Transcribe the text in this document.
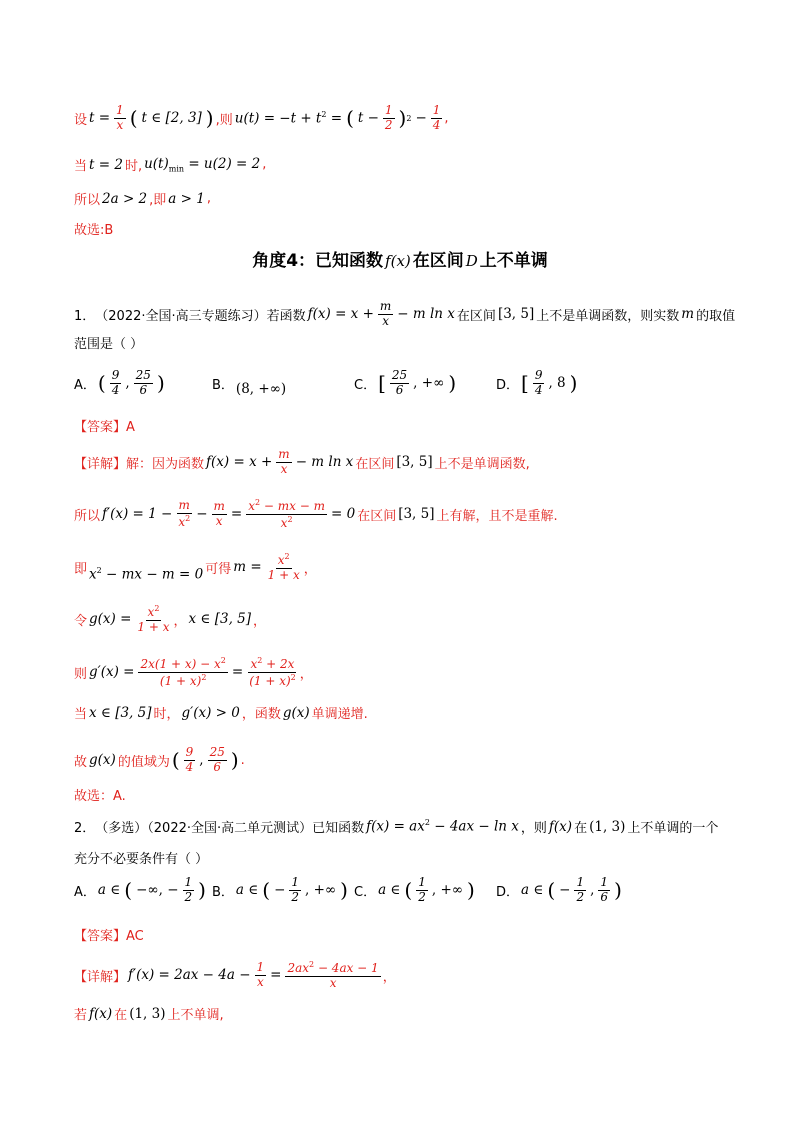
设 $t = \frac{1}{x}$ ( t ∈ [2, 3] ) ,则 $u(t) = -t + t^2$ = ( $t - \frac{1}{2}$ ) $2 - \frac{1}{4}$ ,
当 t = 2 时, $u(t)_{min} = u(2) = 2$ ,
所以 2a > 2 ,即 a > 1 ,
故选:B
角度4：已知函数 f(x) 在区间 D 上不单调
1． （2022·全国·高三专题练习）若函数 $f(x) = x + \frac{m}{x} - m$ ln x 在区间 [3, 5] 上不是单调函数，则实数 m 的取值
范围是（ ）
A． ( $\frac{9}{4}$ , $\frac{25}{6}$ )	B． (8, +∞)	C． [ $\frac{25}{6}$ , +∞ )	D． [ $\frac{9}{4}$ , 8 )
【答案】A
【详解】 解：因为函数 $f(x) = x + \frac{m}{x} - m$ ln x 在区间 [3, 5] 上不是单调函数,
所以 $f'(x) = 1 - \frac{m}{x^2} - \frac{m}{x} = \frac{x^2 - mx - m}{x^2} = 0$ 在区间 [3, 5] 上有解，且不是重解.
即 $x^2$ − mx − m = 0 可得 $m = \frac{x^2}{1 + x}$ ，
令 $g(x) = \frac{x^2}{1 + x}$ ， x ∈ [3, 5] ，
则 $g'(x) = \frac{2x(1 + x) - x^2}{(1 + x)^2} = \frac{x^2 + 2x}{(1 + x)^2}$ ，
当 x ∈ [3, 5] 时， g′(x) > 0 ，函数 g(x) 单调递增.
故 g(x) 的值域为 ( $\frac{9}{4}$ , $\frac{25}{6}$ ) .
故选：A.
2． （多选）（2022·全国·高二单元测试）已知函数 $f(x) = ax^2 - 4ax - \ln x$ ，则 f(x) 在 (1, 3) 上不单调的一个
充分不必要条件有（ ）
A． a ∈ ( −∞, − $\frac{1}{2}$ ) B． a ∈ ( − $\frac{1}{2}$ , +∞ ) C． a ∈ ( $\frac{1}{2}$ , +∞ ) D． a ∈ ( − $\frac{1}{2}$ , $\frac{1}{6}$ )
【答案】AC
【详解】 $f'(x) = 2ax - 4a - \frac{1}{x} = \frac{2ax^2 - 4ax - 1}{x}$ ，
若 f(x) 在 (1, 3) 上不单调,
